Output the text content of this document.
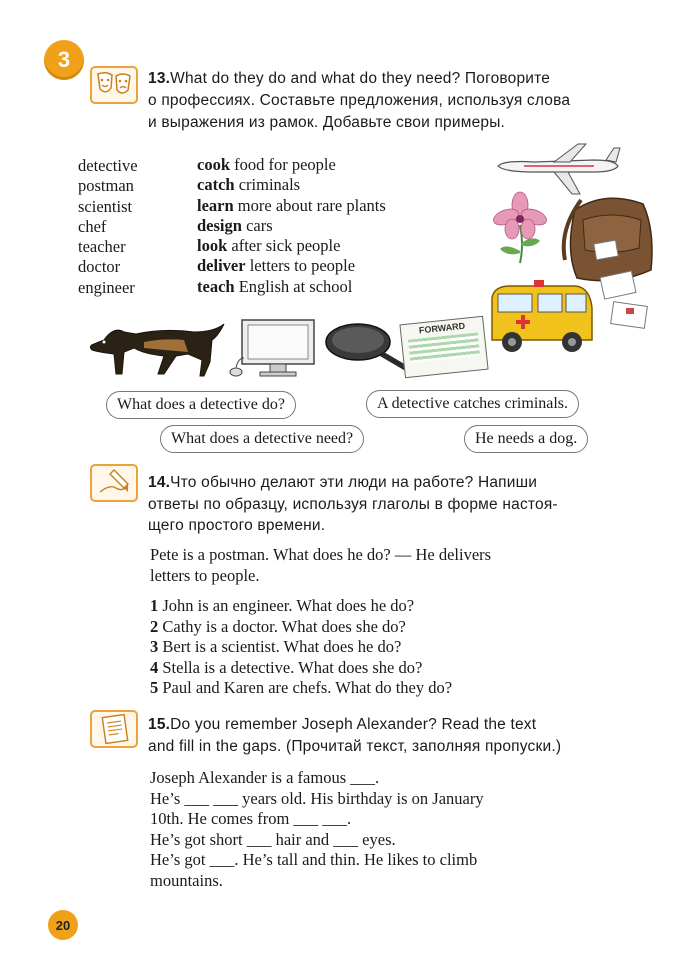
3
13.What do they do and what do they need? Поговорите
о профессиях. Составьте предложения, используя слова
и выражения из рамок. Добавьте свои примеры.
detective
postman
scientist
chef
teacher
doctor
engineer
cook food for people
catch criminals
learn more about rare plants
design cars
look after sick people
deliver letters to people
teach English at school
FORWARD
What does a detective do?	A detective catches criminals.
What does a detective need?	He needs a dog.
14.Что обычно делают эти люди на работе? Напиши
ответы по образцу, используя глаголы в форме настоя-
щего простого времени.
Pete is a postman. What does he do? — He delivers
letters to people.
1 John is an engineer. What does he do?
2 Cathy is a doctor. What does she do?
3 Bert is a scientist. What does he do?
4 Stella is a detective. What does she do?
5 Paul and Karen are chefs. What do they do?
15.Do you remember Joseph Alexander? Read the text
and fill in the gaps. (Прочитай текст, заполняя пропуски.)
Joseph Alexander is a famous ___.
He’s ___ ___ years old. His birthday is on January
10th. He comes from ___ ___.
He’s got short ___ hair and ___ eyes.
He’s got ___. He’s tall and thin. He likes to climb
mountains.
20
